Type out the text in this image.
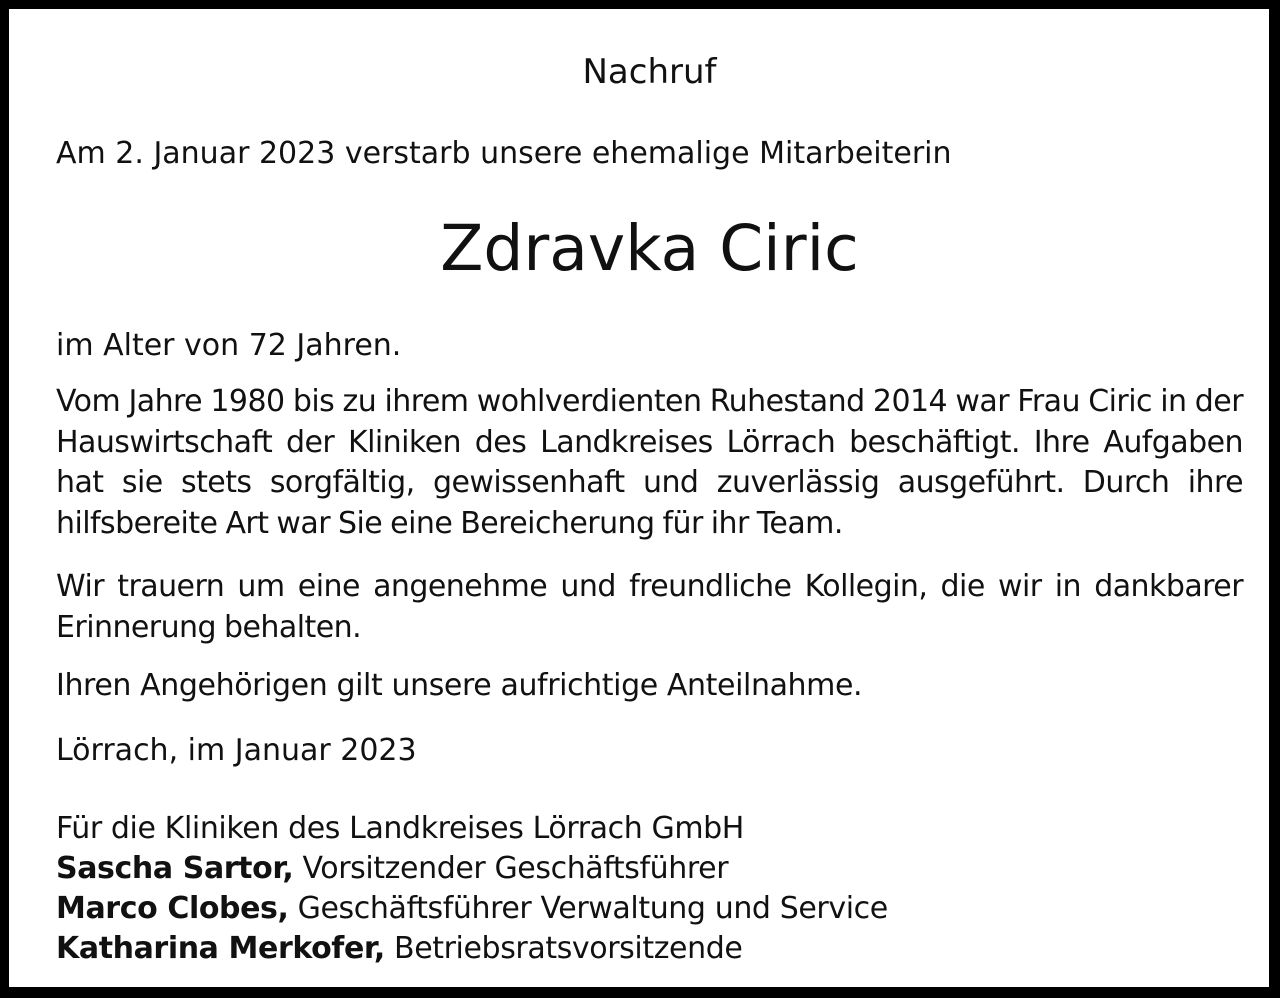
Nachruf
Am 2. Januar 2023 verstarb unsere ehemalige Mitarbeiterin
Zdravka Ciric
im Alter von 72 Jahren.
Vom Jahre 1980 bis zu ihrem wohlverdienten Ruhestand 2014 war Frau Ciric in der Hauswirtschaft der Kliniken des Landkreises Lörrach beschäftigt. Ihre Aufgaben hat sie stets sorgfältig, gewissenhaft und zuverlässig ausgeführt. Durch ihre hilfsbereite Art war Sie eine Bereicherung für ihr Team.
Wir trauern um eine angenehme und freundliche Kollegin, die wir in dankbarer Erinnerung behalten.
Ihren Angehörigen gilt unsere aufrichtige Anteilnahme.
Lörrach, im Januar 2023
Für die Kliniken des Landkreises Lörrach GmbH
Sascha Sartor, Vorsitzender Geschäftsführer
Marco Clobes, Geschäftsführer Verwaltung und Service
Katharina Merkofer, Betriebsratsvorsitzende
